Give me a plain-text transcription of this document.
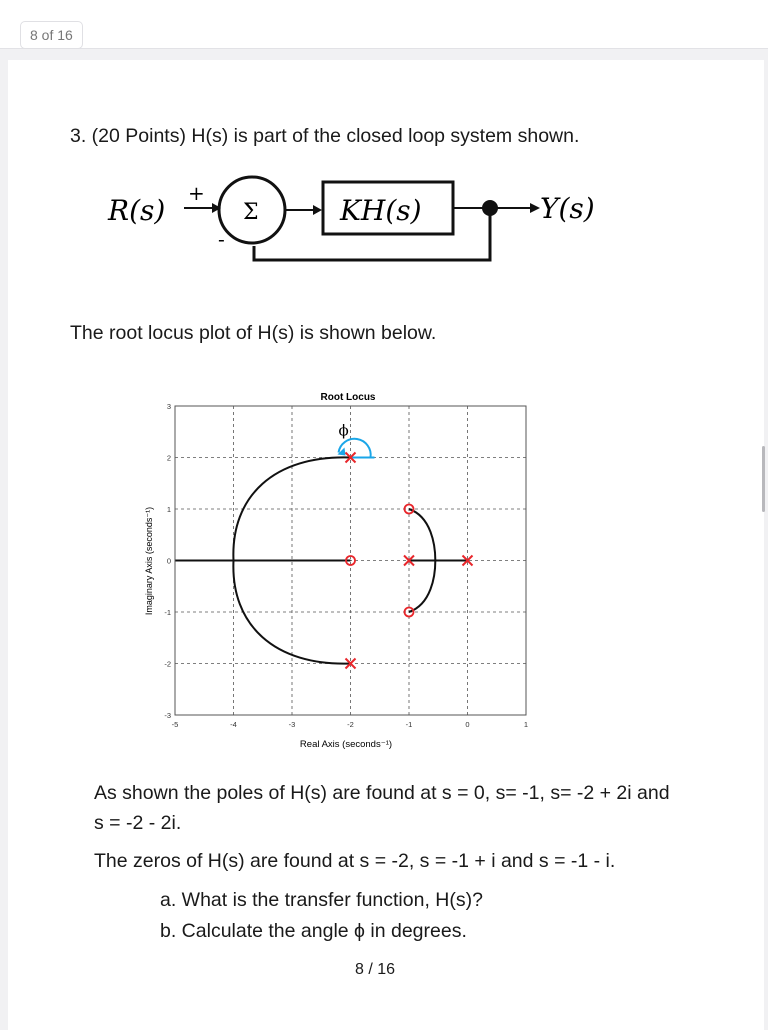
8 of 16
3. (20 Points) H(s) is part of the closed loop system shown.
R(s)
+
-
Σ	KH(s)	Y(s)
The root locus plot of H(s) is shown below.
Root Locus
Real Axis (seconds⁻¹)
Imaginary Axis (seconds⁻¹)
-5	-4	-3	-2	-1	0	1
-3
-2
-1
0
1
2
3
ϕ
As shown the poles of H(s) are found at s = 0, s= -1, s= -2 + 2i and
s = -2 - 2i.
The zeros of H(s) are found at s = -2, s = -1 + i and s = -1 - i.
a. What is the transfer function, H(s)?
b. Calculate the angle ϕ in degrees.
8 / 16
